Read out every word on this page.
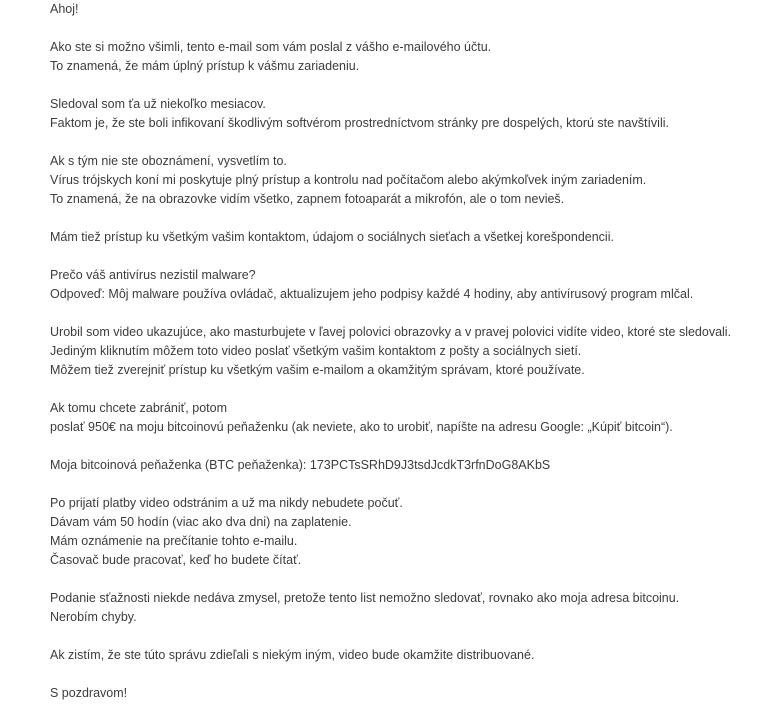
Ahoj!
Ako ste si možno všimli, tento e-mail som vám poslal z vášho e-mailového účtu.
To znamená, že mám úplný prístup k vášmu zariadeniu.
Sledoval som ťa už niekoľko mesiacov.
Faktom je, že ste boli infikovaní škodlivým softvérom prostredníctvom stránky pre dospelých, ktorú ste navštívili.
Ak s tým nie ste oboznámení, vysvetlím to.
Vírus trójskych koní mi poskytuje plný prístup a kontrolu nad počítačom alebo akýmkoľvek iným zariadením.
To znamená, že na obrazovke vidím všetko, zapnem fotoaparát a mikrofón, ale o tom nevieš.
Mám tiež prístup ku všetkým vašim kontaktom, údajom o sociálnych sieťach a všetkej korešpondencii.
Prečo váš antivírus nezistil malware?
Odpoveď: Môj malware používa ovládač, aktualizujem jeho podpisy každé 4 hodiny, aby antivírusový program mlčal.
Urobil som video ukazujúce, ako masturbujete v ľavej polovici obrazovky a v pravej polovici vidíte video, ktoré ste sledovali.
Jediným kliknutím môžem toto video poslať všetkým vašim kontaktom z pošty a sociálnych sietí.
Môžem tiež zverejniť prístup ku všetkým vašim e-mailom a okamžitým správam, ktoré používate.
Ak tomu chcete zabrániť, potom
poslať 950€ na moju bitcoinovú peňaženku (ak neviete, ako to urobiť, napíšte na adresu Google: „Kúpiť bitcoin“).
Moja bitcoinová peňaženka (BTC peňaženka): 173PCTsSRhD9J3tsdJcdkT3rfnDoG8AKbS
Po prijatí platby video odstránim a už ma nikdy nebudete počuť.
Dávam vám 50 hodín (viac ako dva dni) na zaplatenie.
Mám oznámenie na prečítanie tohto e-mailu.
Časovač bude pracovať, keď ho budete čítať.
Podanie sťažnosti niekde nedáva zmysel, pretože tento list nemožno sledovať, rovnako ako moja adresa bitcoinu.
Nerobím chyby.
Ak zistím, že ste túto správu zdieľali s niekým iným, video bude okamžite distribuované.
S pozdravom!
